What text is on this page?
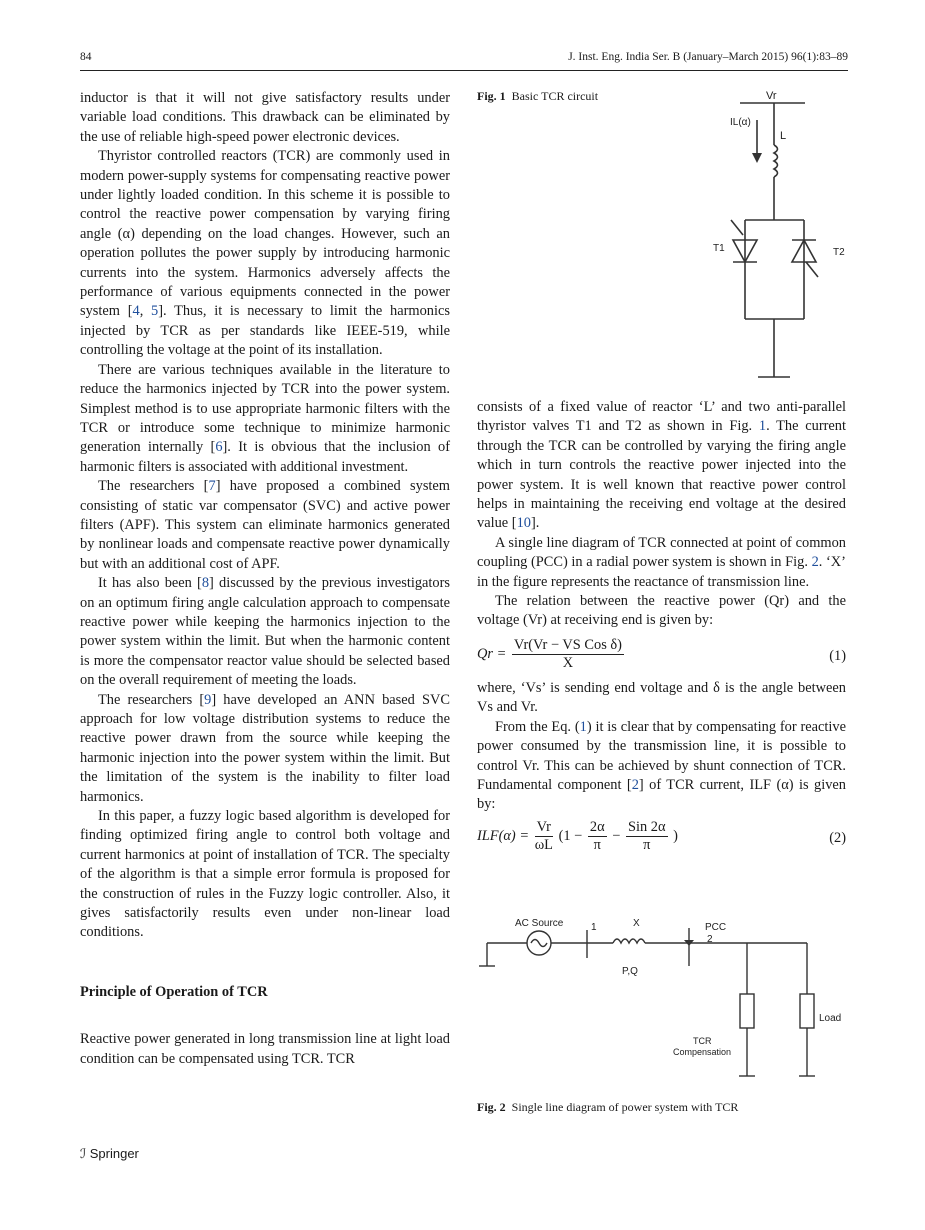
84	J. Inst. Eng. India Ser. B (January–March 2015) 96(1):83–89

inductor is that it will not give satisfactory results under variable load conditions. This drawback can be eliminated by the use of reliable high-speed power electronic devices.

Thyristor controlled reactors (TCR) are commonly used in modern power-supply systems for compensating reactive power under lightly loaded condition. In this scheme it is possible to control the reactive power compensation by varying firing angle (α) depending on the load changes. However, such an operation pollutes the power supply by introducing harmonic currents into the system. Harmonics adversely affects the performance of various equipments connected in the power system [4, 5]. Thus, it is necessary to limit the harmonics injected by TCR as per standards like IEEE-519, while controlling the voltage at the point of its installation.

There are various techniques available in the literature to reduce the harmonics injected by TCR into the power system. Simplest method is to use appropriate harmonic filters with the TCR or introduce some technique to minimize harmonic generation internally [6]. It is obvious that the inclusion of harmonic filters is associated with additional investment.

The researchers [7] have proposed a combined system consisting of static var compensator (SVC) and active power filters (APF). This system can eliminate harmonics generated by nonlinear loads and compensate reactive power dynamically but with an additional cost of APF.

It has also been [8] discussed by the previous investigators on an optimum firing angle calculation approach to compensate reactive power while keeping the harmonics injection to the power system within the limit. But when the harmonic content is more the compensator reactor value should be selected based on the overall requirement of meeting the loads.

The researchers [9] have developed an ANN based SVC approach for low voltage distribution systems to reduce the reactive power drawn from the source while keeping the harmonic injection into the power system within the limit. But the limitation of the system is the inability to filter load harmonics.

In this paper, a fuzzy logic based algorithm is developed for finding optimized firing angle to control both voltage and current harmonics at point of installation of TCR. The specialty of the algorithm is that a simple error formula is proposed for the construction of rules in the Fuzzy logic controller. Also, it gives satisfactorily results even under non-linear load conditions.

Principle of Operation of TCR

Reactive power generated in long transmission line at light load condition can be compensated using TCR. TCR

Fig. 1 Basic TCR circuit	Vr
IL(α)
L
T1	T2

consists of a fixed value of reactor ‘L’ and two anti-parallel thyristor valves T1 and T2 as shown in Fig. 1. The current through the TCR can be controlled by varying the firing angle which in turn controls the reactive power injected into the power system. It is well known that reactive power control helps in maintaining the receiving end voltage at the desired value [10].

A single line diagram of TCR connected at point of common coupling (PCC) in a radial power system is shown in Fig. 2. ‘X’ in the figure represents the reactance of transmission line.

The relation between the reactive power (Qr) and the voltage (Vr) at receiving end is given by:

$Qr = \frac{\text{Vr(Vr − VS Cos δ)}}{X}$	(1)

where, ‘Vs’ is sending end voltage and δ is the angle between Vs and Vr.

From the Eq. (1) it is clear that by compensating for reactive power consumed by the transmission line, it is possible to control Vr. This can be achieved by shunt connection of TCR. Fundamental component [2] of TCR current, ILF (α) is given by:

$ILF(\alpha) = \frac{Vr}{\omega L} (1 - \frac{2\alpha}{\pi} - \frac{\text{Sin 2α}}{\pi}$ )	(2)
AC Source	1	X	PCC
2
P,Q
TCR
Compensation
Load
Fig. 2 Single line diagram of power system with TCR
ℐ Springer
